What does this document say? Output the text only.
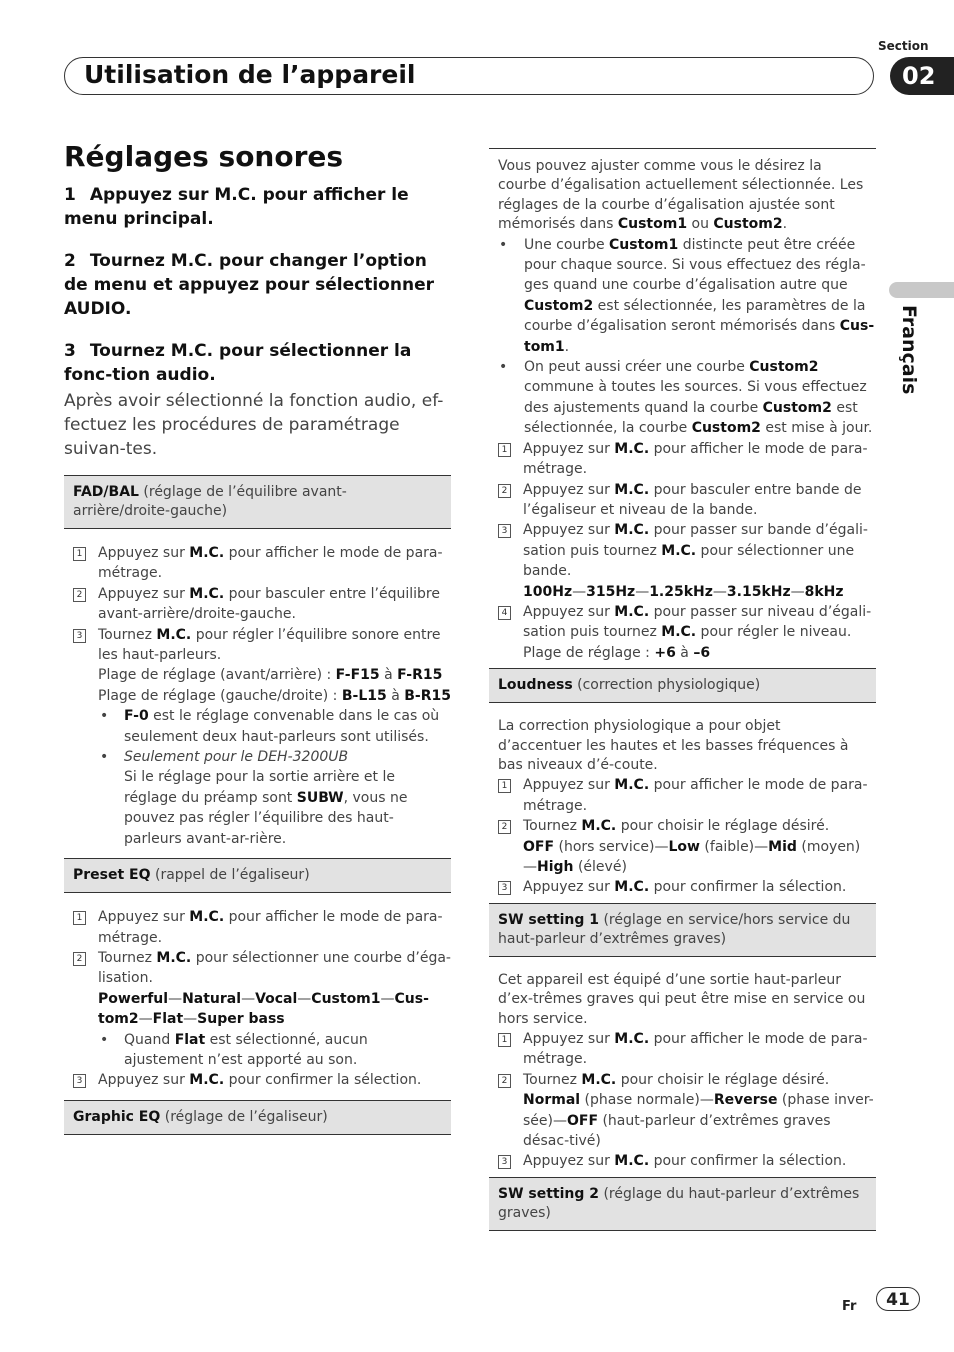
Utilisation de l’appareil
Section
02
Français
Réglages sonores
1 Appuyez sur M.C. pour afficher le menu principal.
2 Tournez M.C. pour changer l’option de menu et appuyez pour sélectionner AUDIO.
3 Tournez M.C. pour sélectionner la fonc-tion audio.
Après avoir sélectionné la fonction audio, ef-fectuez les procédures de paramétrage suivan-tes.
FAD/BAL (réglage de l’équilibre avant-arrière/droite-gauche)
1 Appuyez sur M.C. pour afficher le mode de para-métrage.
2 Appuyez sur M.C. pour basculer entre l’équilibre avant-arrière/droite-gauche.
3 Tournez M.C. pour régler l’équilibre sonore entre les haut-parleurs.
Plage de réglage (avant/arrière) : F-F15 à F-R15
Plage de réglage (gauche/droite) : B-L15 à B-R15
• F-0 est le réglage convenable dans le cas où seulement deux haut-parleurs sont utilisés.
• Seulement pour le DEH-3200UB
Si le réglage pour la sortie arrière et le réglage du préamp sont SUBW, vous ne pouvez pas régler l’équilibre des haut-parleurs avant-ar-rière.
Preset EQ (rappel de l’égaliseur)
1 Appuyez sur M.C. pour afficher le mode de para-métrage.
2 Tournez M.C. pour sélectionner une courbe d’éga-lisation.
Powerful—Natural—Vocal—Custom1—Cus-tom2—Flat—Super bass
• Quand Flat est sélectionné, aucun ajustement n’est apporté au son.
3 Appuyez sur M.C. pour confirmer la sélection.
Graphic EQ (réglage de l’égaliseur)
Vous pouvez ajuster comme vous le désirez la courbe d’égalisation actuellement sélectionnée. Les réglages de la courbe d’égalisation ajustée sont mémorisés dans Custom1 ou Custom2.
• Une courbe Custom1 distincte peut être créée pour chaque source. Si vous effectuez des régla-ges quand une courbe d’égalisation autre que Custom2 est sélectionnée, les paramètres de la courbe d’égalisation seront mémorisés dans Cus-tom1.
• On peut aussi créer une courbe Custom2 commune à toutes les sources. Si vous effectuez des ajustements quand la courbe Custom2 est sélectionnée, la courbe Custom2 est mise à jour.
1 Appuyez sur M.C. pour afficher le mode de para-métrage.
2 Appuyez sur M.C. pour basculer entre bande de l’égaliseur et niveau de la bande.
3 Appuyez sur M.C. pour passer sur bande d’égali-sation puis tournez M.C. pour sélectionner une bande.
100Hz—315Hz—1.25kHz—3.15kHz—8kHz
4 Appuyez sur M.C. pour passer sur niveau d’égali-sation puis tournez M.C. pour régler le niveau.
Plage de réglage : +6 à –6
Loudness (correction physiologique)
La correction physiologique a pour objet d’accentuer les hautes et les basses fréquences à bas niveaux d’é-coute.
1 Appuyez sur M.C. pour afficher le mode de para-métrage.
2 Tournez M.C. pour choisir le réglage désiré.
OFF (hors service)—Low (faible)—Mid (moyen) —High (élevé)
3 Appuyez sur M.C. pour confirmer la sélection.
SW setting 1 (réglage en service/hors service du haut-parleur d’extrêmes graves)
Cet appareil est équipé d’une sortie haut-parleur d’ex-trêmes graves qui peut être mise en service ou hors service.
1 Appuyez sur M.C. pour afficher le mode de para-métrage.
2 Tournez M.C. pour choisir le réglage désiré.
Normal (phase normale)—Reverse (phase inver-sée)—OFF (haut-parleur d’extrêmes graves désac-tivé)
3 Appuyez sur M.C. pour confirmer la sélection.
SW setting 2 (réglage du haut-parleur d’extrêmes graves)
Fr	41
